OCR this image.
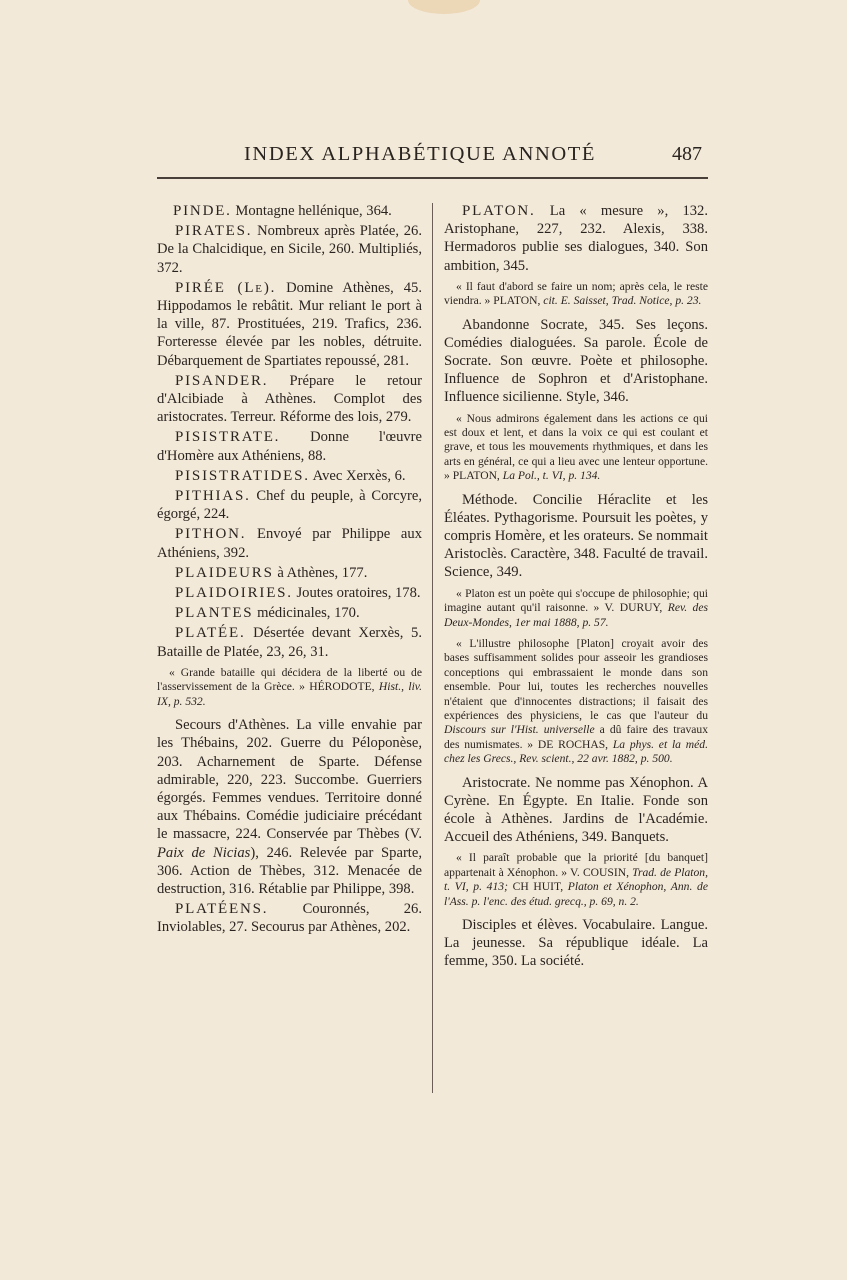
INDEX ALPHABÉTIQUE ANNOTÉ	487

PINDE. Montagne hellénique, 364.

PIRATES. Nombreux après Platée, 26. De la Chalcidique, en Sicile, 260. Multipliés, 372.

PIRÉE (Le). Domine Athènes, 45. Hippodamos le rebâtit. Mur reliant le port à la ville, 87. Prostituées, 219. Trafics, 236. Forteresse élevée par les nobles, détruite. Débarquement de Spartiates repoussé, 281.

PISANDER. Prépare le retour d'Alcibiade à Athènes. Complot des aristocrates. Terreur. Réforme des lois, 279.

PISISTRATE. Donne l'œuvre d'Homère aux Athéniens, 88.

PISISTRATIDES. Avec Xerxès, 6.

PITHIAS. Chef du peuple, à Corcyre, égorgé, 224.

PITHON. Envoyé par Philippe aux Athéniens, 392.

PLAIDEURS à Athènes, 177.

PLAIDOIRIES. Joutes oratoires, 178.

PLANTES médicinales, 170.

PLATÉE. Désertée devant Xerxès, 5. Bataille de Platée, 23, 26, 31.

« Grande bataille qui décidera de la liberté ou de l'asservissement de la Grèce. » HÉRODOTE, Hist., liv. IX, p. 532.

Secours d'Athènes. La ville envahie par les Thébains, 202. Guerre du Péloponèse, 203. Acharnement de Sparte. Défense admirable, 220, 223. Succombe. Guerriers égorgés. Femmes vendues. Territoire donné aux Thébains. Comédie judiciaire précédant le massacre, 224. Conservée par Thèbes (V. Paix de Nicias), 246. Relevée par Sparte, 306. Action de Thèbes, 312. Menacée de destruction, 316. Rétablie par Philippe, 398.

PLATÉENS. Couronnés, 26. Inviolables, 27. Secourus par Athènes, 202.

PLATON. La « mesure », 132. Aristophane, 227, 232. Alexis, 338. Hermadoros publie ses dialogues, 340. Son ambition, 345.

« Il faut d'abord se faire un nom; après cela, le reste viendra. » PLATON, cit. E. Saisset, Trad. Notice, p. 23.

Abandonne Socrate, 345. Ses leçons. Comédies dialoguées. Sa parole. École de Socrate. Son œuvre. Poète et philosophe. Influence de Sophron et d'Aristophane. Influence sicilienne. Style, 346.

« Nous admirons également dans les actions ce qui est doux et lent, et dans la voix ce qui est coulant et grave, et tous les mouvements rhythmiques, et dans les arts en général, ce qui a lieu avec une lenteur opportune. » PLATON, La Pol., t. VI, p. 134.

Méthode. Concilie Héraclite et les Éléates. Pythagorisme. Poursuit les poètes, y compris Homère, et les orateurs. Se nommait Aristoclès. Caractère, 348. Faculté de travail. Science, 349.

« Platon est un poète qui s'occupe de philosophie; qui imagine autant qu'il raisonne. » V. DURUY, Rev. des Deux-Mondes, 1er mai 1888, p. 57.

« L'illustre philosophe [Platon] croyait avoir des bases suffisamment solides pour asseoir les grandioses conceptions qui embrassaient le monde dans son ensemble. Pour lui, toutes les recherches nouvelles n'étaient que d'innocentes distractions; il faisait des expériences des physiciens, le cas que l'auteur du Discours sur l'Hist. universelle a dû faire des travaux des numismates. » DE ROCHAS, La phys. et la méd. chez les Grecs., Rev. scient., 22 avr. 1882, p. 500.

Aristocrate. Ne nomme pas Xénophon. A Cyrène. En Égypte. En Italie. Fonde son école à Athènes. Jardins de l'Académie. Accueil des Athéniens, 349. Banquets.

« Il paraît probable que la priorité [du banquet] appartenait à Xénophon. » V. COUSIN, Trad. de Platon, t. VI, p. 413; CH HUIT, Platon et Xénophon, Ann. de l'Ass. p. l'enc. des étud. grecq., p. 69, n. 2.

Disciples et élèves. Vocabulaire. Langue. La jeunesse. Sa république idéale. La femme, 350. La société.
